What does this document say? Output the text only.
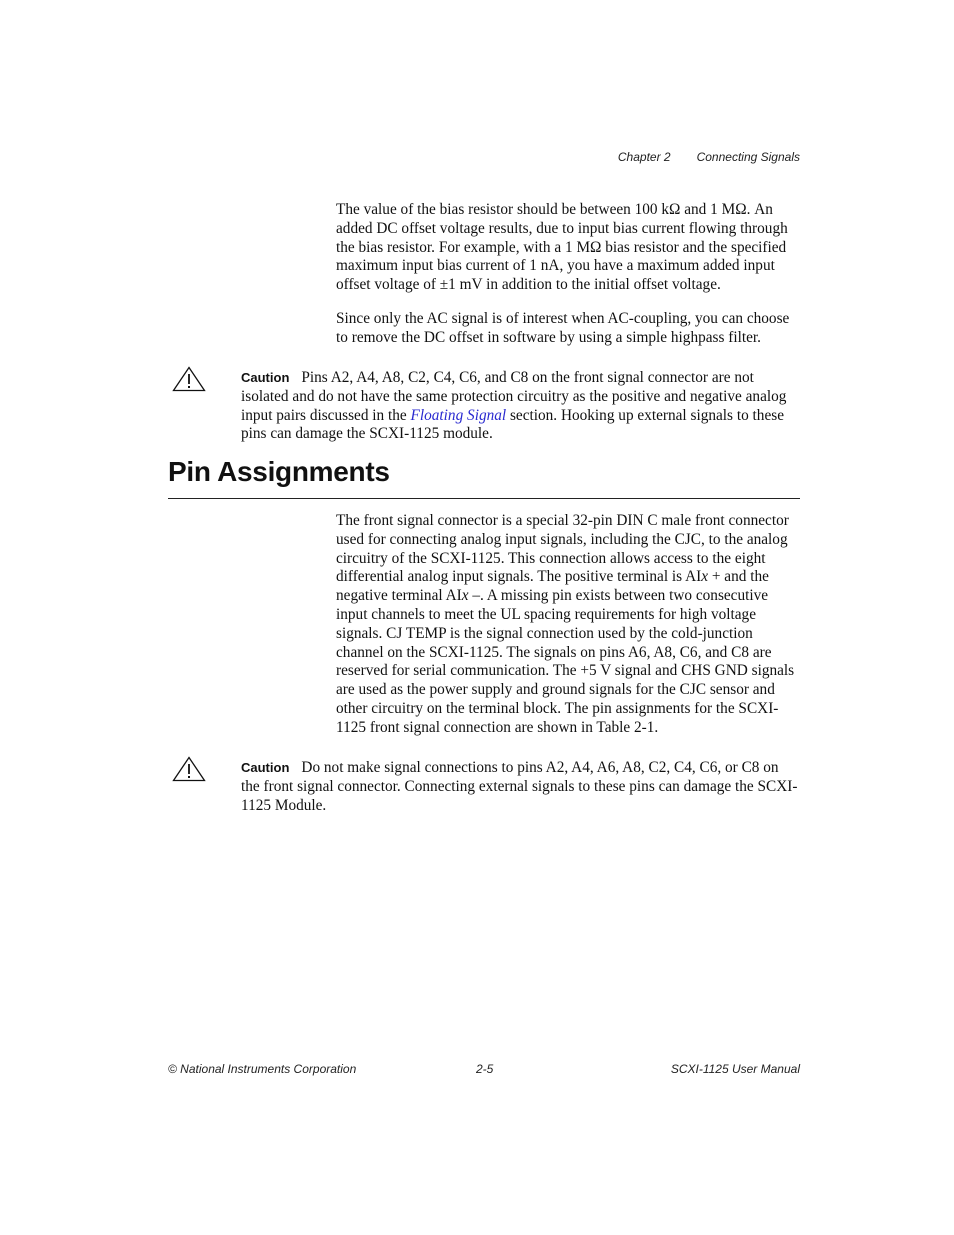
Chapter 2 Connecting Signals

The value of the bias resistor should be between 100 kΩ and 1 MΩ. An added DC offset voltage results, due to input bias current flowing through the bias resistor. For example, with a 1 MΩ bias resistor and the specified maximum input bias current of 1 nA, you have a maximum added input offset voltage of ±1 mV in addition to the initial offset voltage.

Since only the AC signal is of interest when AC-coupling, you can choose to remove the DC offset in software by using a simple highpass filter.

Caution Pins A2, A4, A8, C2, C4, C6, and C8 on the front signal connector are not isolated and do not have the same protection circuitry as the positive and negative analog input pairs discussed in the Floating Signal section. Hooking up external signals to these pins can damage the SCXI-1125 module.

Pin Assignments

The front signal connector is a special 32-pin DIN C male front connector used for connecting analog input signals, including the CJC, to the analog circuitry of the SCXI-1125. This connection allows access to the eight differential analog input signals. The positive terminal is AIx + and the negative terminal AIx –. A missing pin exists between two consecutive input channels to meet the UL spacing requirements for high voltage signals. CJ TEMP is the signal connection used by the cold-junction channel on the SCXI-1125. The signals on pins A6, A8, C6, and C8 are reserved for serial communication. The +5 V signal and CHS GND signals are used as the power supply and ground signals for the CJC sensor and other circuitry on the terminal block. The pin assignments for the SCXI-1125 front signal connection are shown in Table 2-1.

Caution Do not make signal connections to pins A2, A4, A6, A8, C2, C4, C6, or C8 on the front signal connector. Connecting external signals to these pins can damage the SCXI-1125 Module.

© National Instruments Corporation	2-5	SCXI-1125 User Manual
